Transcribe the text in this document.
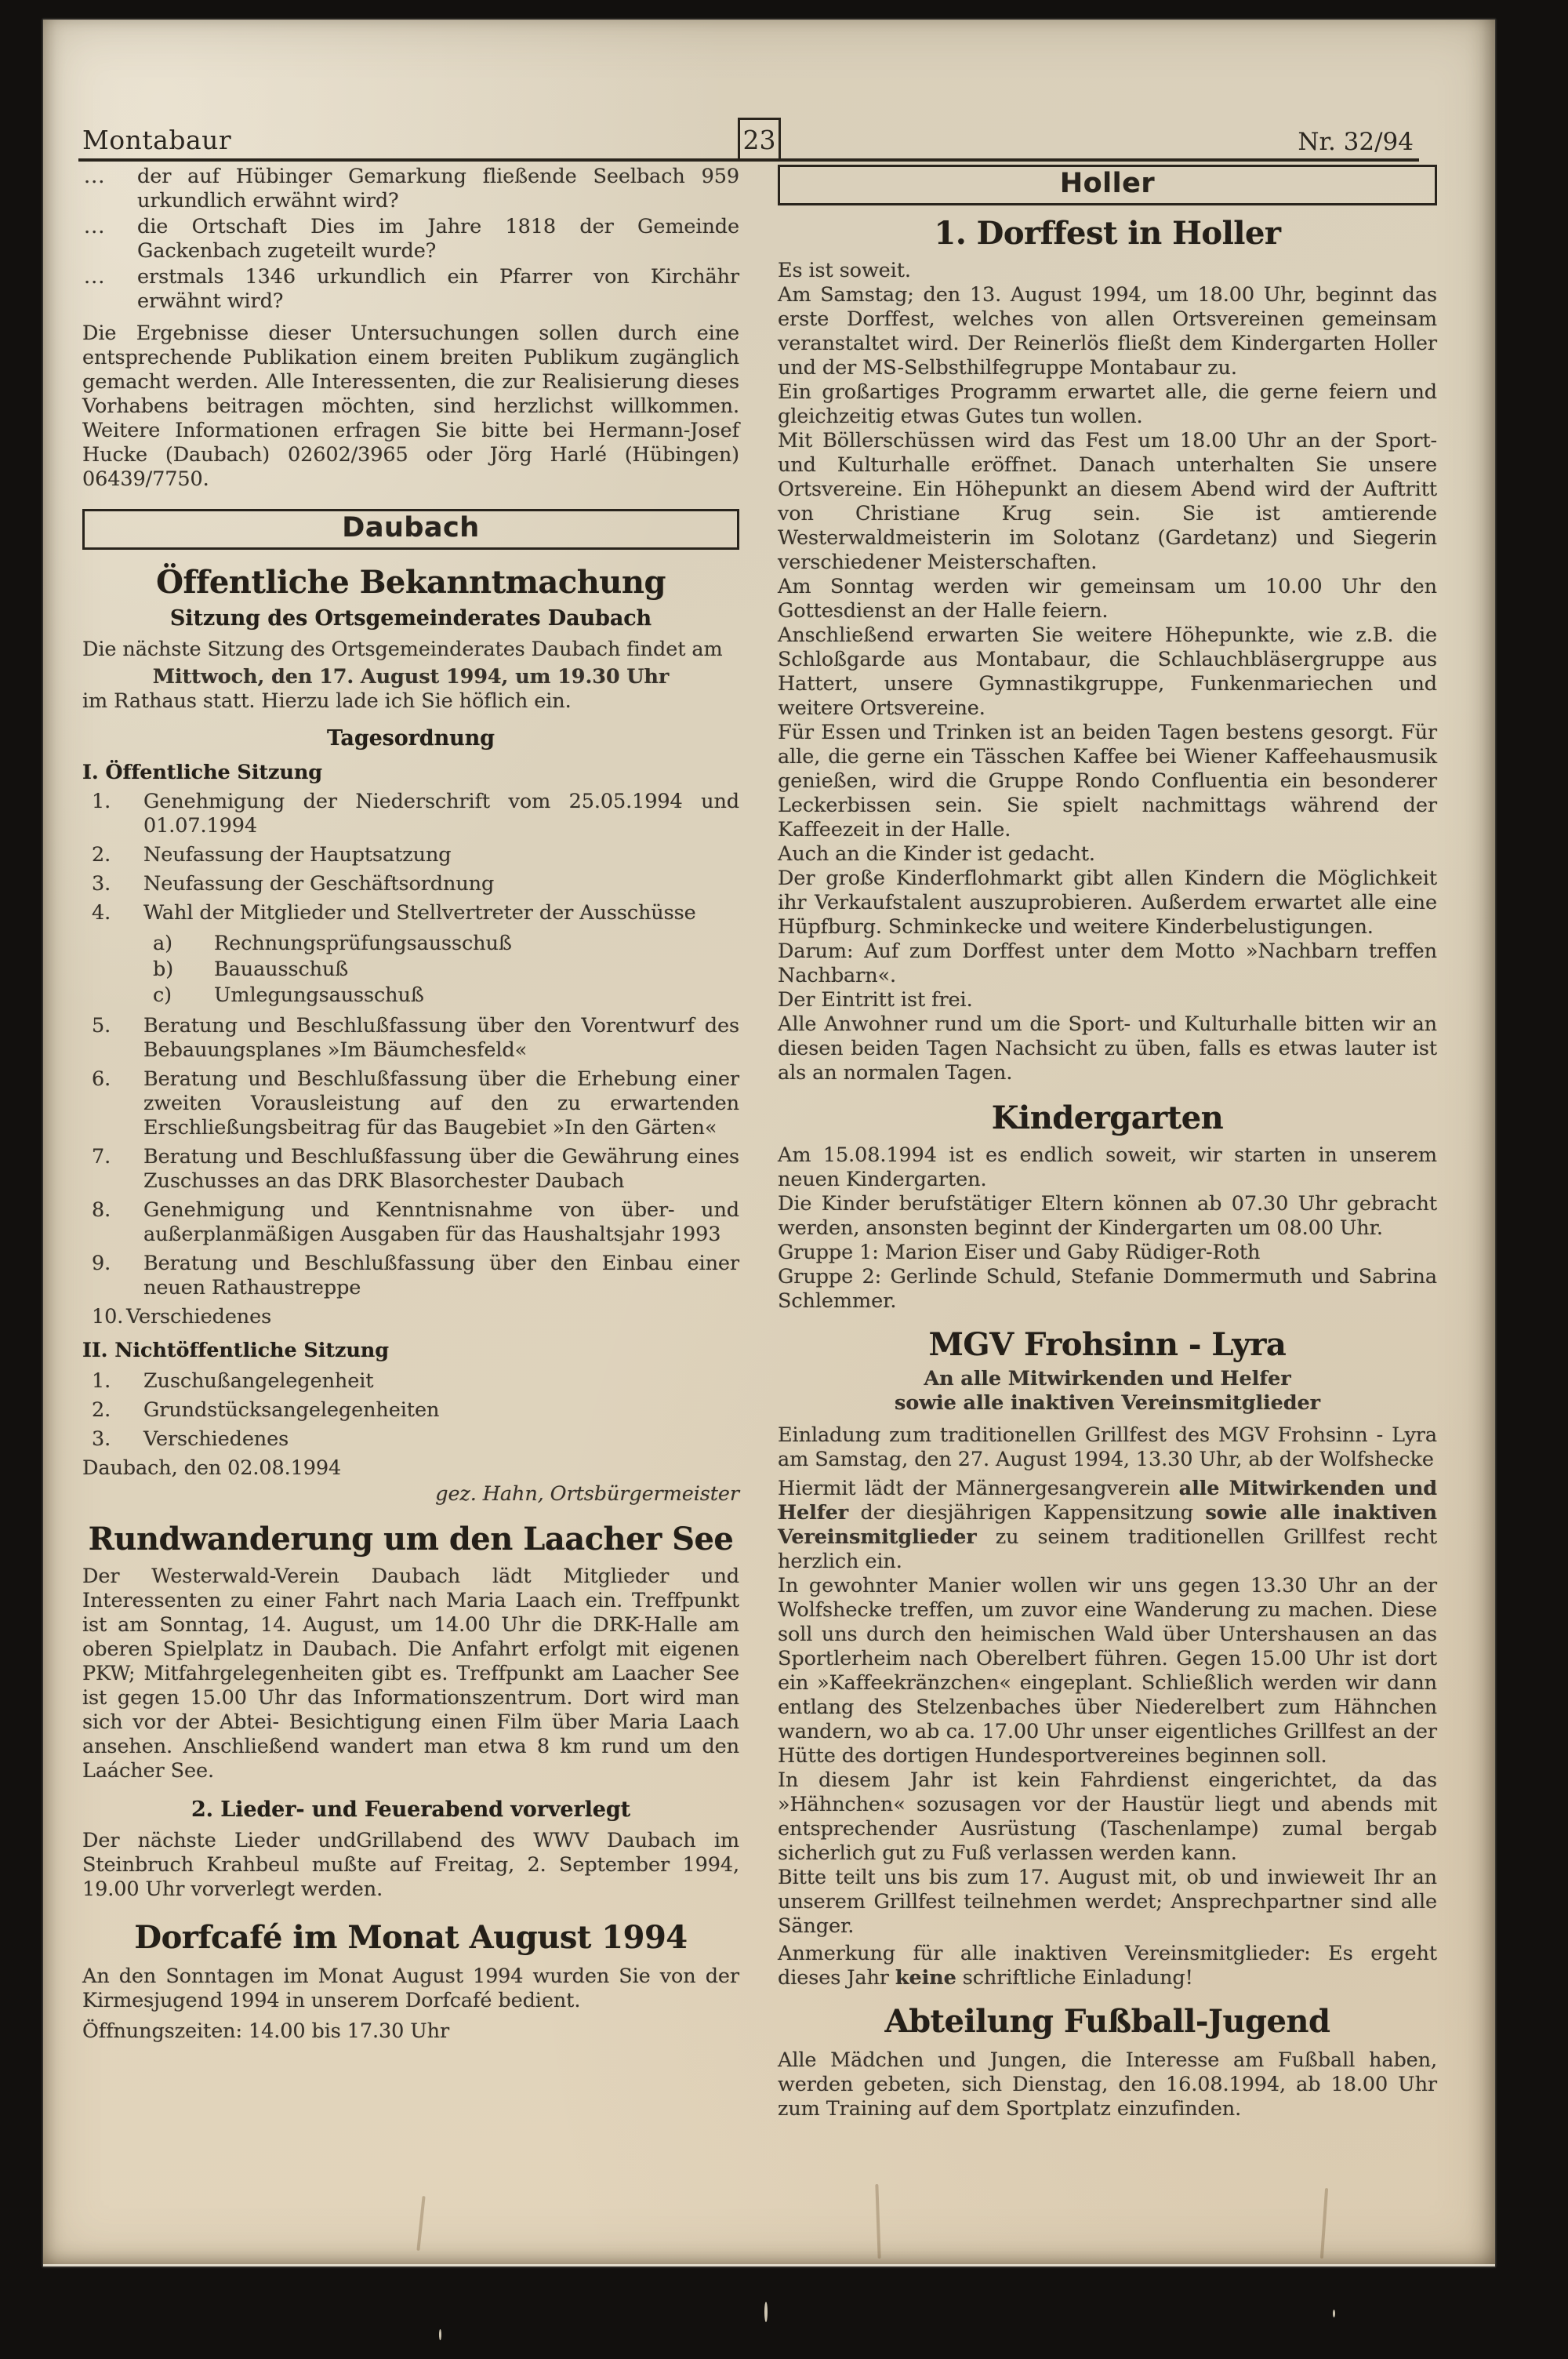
Montabaur	23	Nr. 32/94
... der auf Hübinger Gemarkung fließende Seelbach 959 urkundlich erwähnt wird?
... die Ortschaft Dies im Jahre 1818 der Gemeinde Gackenbach zugeteilt wurde?
... erstmals 1346 urkundlich ein Pfarrer von Kirchähr erwähnt wird?

Die Ergebnisse dieser Untersuchungen sollen durch eine entsprechende Publikation einem breiten Publikum zugänglich gemacht werden. Alle Interessenten, die zur Realisierung dieses Vorhabens beitragen möchten, sind herzlichst willkommen. Weitere Informationen erfragen Sie bitte bei Hermann-Josef Hucke (Daubach) 02602/3965 oder Jörg Harlé (Hübingen) 06439/7750.

Daubach
Öffentliche Bekanntmachung
Sitzung des Ortsgemeinderates Daubach

Die nächste Sitzung des Ortsgemeinderates Daubach findet am

Mittwoch, den 17. August 1994, um 19.30 Uhr

im Rathaus statt. Hierzu lade ich Sie höflich ein.

Tagesordnung

I. Öffentliche Sitzung

1. Genehmigung der Niederschrift vom 25.05.1994 und 01.07.1994
2. Neufassung der Hauptsatzung
3. Neufassung der Geschäftsordnung
4. Wahl der Mitglieder und Stellvertreter der Ausschüsse
a) Rechnungsprüfungsausschuß
b) Bauausschuß
c) Umlegungsausschuß
5. Beratung und Beschlußfassung über den Vorentwurf des Bebauungsplanes »Im Bäumchesfeld«
6. Beratung und Beschlußfassung über die Erhebung einer zweiten Vorausleistung auf den zu erwartenden Erschließungsbeitrag für das Baugebiet »In den Gärten«
7. Beratung und Beschlußfassung über die Gewährung eines Zuschusses an das DRK Blasorchester Daubach
8. Genehmigung und Kenntnisnahme von über- und außerplanmäßigen Ausgaben für das Haushaltsjahr 1993
9. Beratung und Beschlußfassung über den Einbau einer neuen Rathaustreppe
10. Verschiedenes

II. Nichtöffentliche Sitzung

1. Zuschußangelegenheit
2. Grundstücksangelegenheiten
3. Verschiedenes

Daubach, den 02.08.1994

gez. Hahn, Ortsbürgermeister

Rundwanderung um den Laacher See

Der Westerwald-Verein Daubach lädt Mitglieder und Interessenten zu einer Fahrt nach Maria Laach ein. Treffpunkt ist am Sonntag, 14. August, um 14.00 Uhr die DRK-Halle am oberen Spielplatz in Daubach. Die Anfahrt erfolgt mit eigenen PKW; Mitfahrgelegenheiten gibt es. Treffpunkt am Laacher See ist gegen 15.00 Uhr das Informationszentrum. Dort wird man sich vor der Abtei- Besichtigung einen Film über Maria Laach ansehen. Anschließend wandert man etwa 8 km rund um den Laácher See.

2. Lieder- und Feuerabend vorverlegt

Der nächste Lieder undGrillabend des WWV Daubach im Steinbruch Krahbeul mußte auf Freitag, 2. September 1994, 19.00 Uhr vorverlegt werden.

Dorfcafé im Monat August 1994

An den Sonntagen im Monat August 1994 wurden Sie von der Kirmesjugend 1994 in unserem Dorfcafé bedient.

Öffnungszeiten: 14.00 bis 17.30 Uhr

Holler
1. Dorffest in Holler

Es ist soweit.

Am Samstag; den 13. August 1994, um 18.00 Uhr, beginnt das erste Dorffest, welches von allen Ortsvereinen gemeinsam veranstaltet wird. Der Reinerlös fließt dem Kindergarten Holler und der MS-Selbsthilfegruppe Montabaur zu.

Ein großartiges Programm erwartet alle, die gerne feiern und gleichzeitig etwas Gutes tun wollen.

Mit Böllerschüssen wird das Fest um 18.00 Uhr an der Sport- und Kulturhalle eröffnet. Danach unterhalten Sie unsere Ortsvereine. Ein Höhepunkt an diesem Abend wird der Auftritt von Christiane Krug sein. Sie ist amtierende Westerwaldmeisterin im Solotanz (Gardetanz) und Siegerin verschiedener Meisterschaften.

Am Sonntag werden wir gemeinsam um 10.00 Uhr den Gottesdienst an der Halle feiern.

Anschließend erwarten Sie weitere Höhepunkte, wie z.B. die Schloßgarde aus Montabaur, die Schlauchbläsergruppe aus Hattert, unsere Gymnastikgruppe, Funkenmariechen und weitere Ortsvereine.

Für Essen und Trinken ist an beiden Tagen bestens gesorgt. Für alle, die gerne ein Tässchen Kaffee bei Wiener Kaffeehausmusik genießen, wird die Gruppe Rondo Confluentia ein besonderer Leckerbissen sein. Sie spielt nachmittags während der Kaffeezeit in der Halle.

Auch an die Kinder ist gedacht.

Der große Kinderflohmarkt gibt allen Kindern die Möglichkeit ihr Verkaufstalent auszuprobieren. Außerdem erwartet alle eine Hüpfburg. Schminkecke und weitere Kinderbelustigungen.

Darum: Auf zum Dorffest unter dem Motto »Nachbarn treffen Nachbarn«.

Der Eintritt ist frei.

Alle Anwohner rund um die Sport- und Kulturhalle bitten wir an diesen beiden Tagen Nachsicht zu üben, falls es etwas lauter ist als an normalen Tagen.

Kindergarten

Am 15.08.1994 ist es endlich soweit, wir starten in unserem neuen Kindergarten.

Die Kinder berufstätiger Eltern können ab 07.30 Uhr gebracht werden, ansonsten beginnt der Kindergarten um 08.00 Uhr.

Gruppe 1: Marion Eiser und Gaby Rüdiger-Roth

Gruppe 2: Gerlinde Schuld, Stefanie Dommermuth und Sabrina Schlemmer.

MGV Frohsinn - Lyra

An alle Mitwirkenden und Helfer

sowie alle inaktiven Vereinsmitglieder

Einladung zum traditionellen Grillfest des MGV Frohsinn - Lyra am Samstag, den 27. August 1994, 13.30 Uhr, ab der Wolfshecke

Hiermit lädt der Männergesangverein alle Mitwirkenden und Helfer der diesjährigen Kappensitzung sowie alle inaktiven Vereinsmitglieder zu seinem traditionellen Grillfest recht herzlich ein.

In gewohnter Manier wollen wir uns gegen 13.30 Uhr an der Wolfshecke treffen, um zuvor eine Wanderung zu machen. Diese soll uns durch den heimischen Wald über Untershausen an das Sportlerheim nach Oberelbert führen. Gegen 15.00 Uhr ist dort ein »Kaffeekränzchen« eingeplant. Schließlich werden wir dann entlang des Stelzenbaches über Niederelbert zum Hähnchen wandern, wo ab ca. 17.00 Uhr unser eigentliches Grillfest an der Hütte des dortigen Hundesportvereines beginnen soll.

In diesem Jahr ist kein Fahrdienst eingerichtet, da das »Hähnchen« sozusagen vor der Haustür liegt und abends mit entsprechender Ausrüstung (Taschenlampe) zumal bergab sicherlich gut zu Fuß verlassen werden kann.

Bitte teilt uns bis zum 17. August mit, ob und inwieweit Ihr an unserem Grillfest teilnehmen werdet; Ansprechpartner sind alle Sänger.

Anmerkung für alle inaktiven Vereinsmitglieder: Es ergeht dieses Jahr keine schriftliche Einladung!

Abteilung Fußball-Jugend

Alle Mädchen und Jungen, die Interesse am Fußball haben, werden gebeten, sich Dienstag, den 16.08.1994, ab 18.00 Uhr zum Training auf dem Sportplatz einzufinden.
